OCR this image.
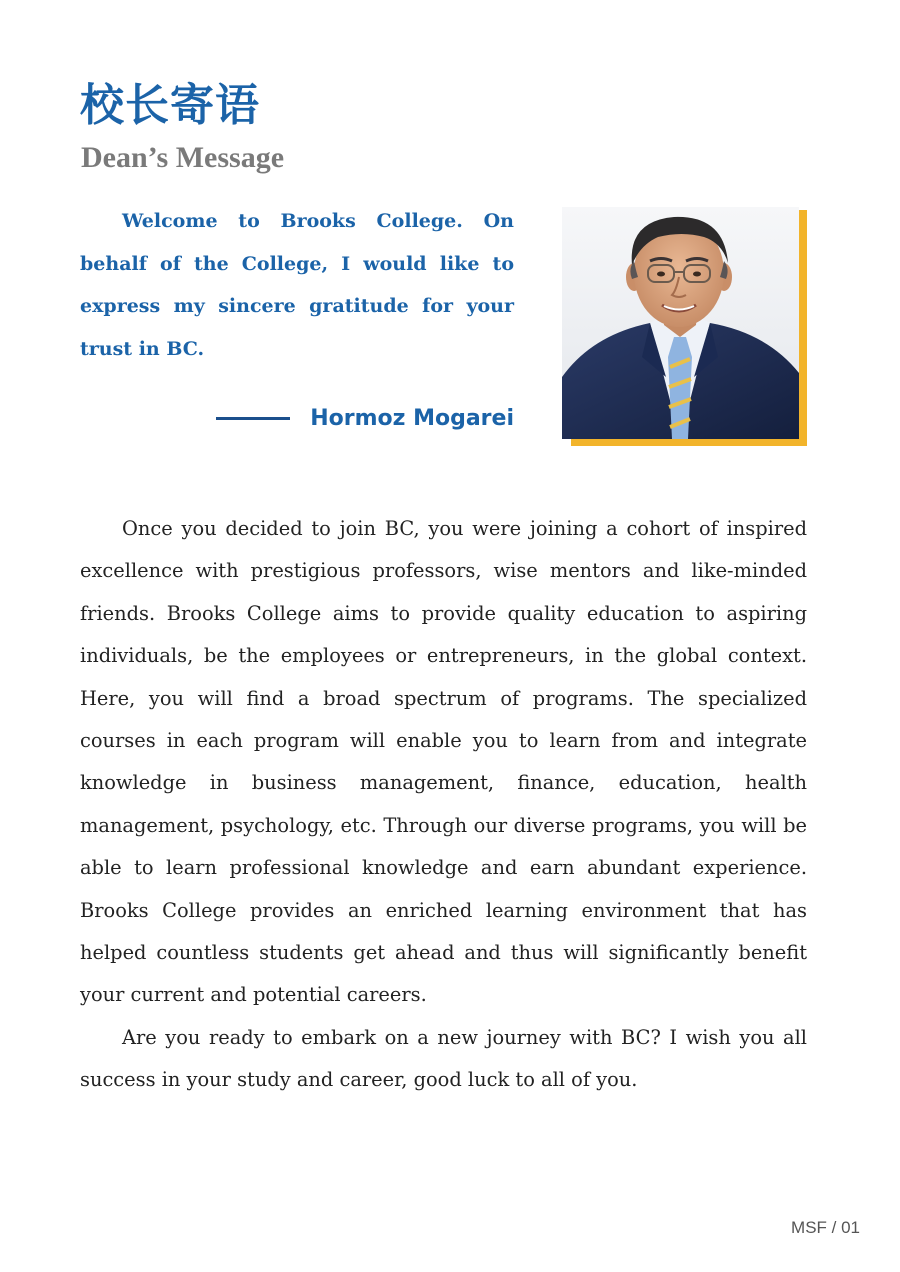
校长寄语
Dean’s Message

Welcome to Brooks College. On behalf of the College, I would like to express my sincere gratitude for your trust in BC.

Hormoz Mogarei

Once you decided to join BC, you were joining a cohort of inspired excellence with prestigious professors, wise mentors and like-minded friends. Brooks College aims to provide quality education to aspiring individuals, be the employees or entrepreneurs, in the global context. Here, you will find a broad spectrum of programs. The specialized courses in each program will enable you to learn from and integrate knowledge in business management, finance, education, health management, psychology, etc. Through our diverse programs, you will be able to learn professional knowledge and earn abundant experience. Brooks College provides an enriched learning environment that has helped countless students get ahead and thus will significantly benefit your current and potential careers.

Are you ready to embark on a new journey with BC? I wish you all success in your study and career, good luck to all of you.

MSF / 01
